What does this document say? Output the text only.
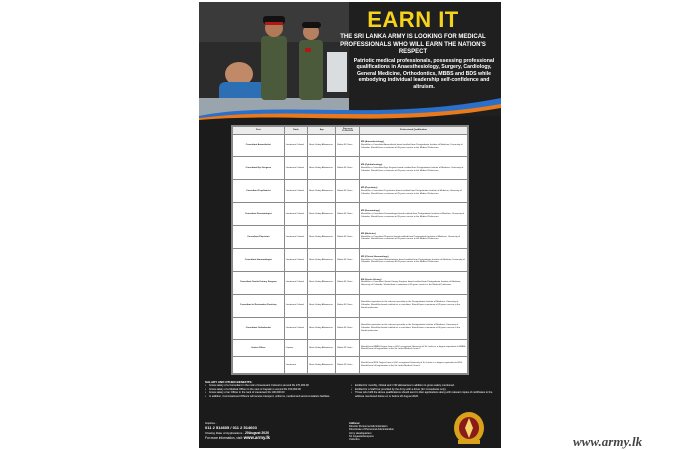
EARN IT
THE SRI LANKA ARMY IS LOOKING FOR MEDICAL PROFESSIONALS WHO WILL EARN THE NATION'S RESPECT
Patriotic medical professionals, possessing professional qualifications in Anaesthesiology, Surgery, Cardiology, General Medicine, Orthodontics, MBBS and BDS while embodying individual leadership self-confidence and altruism.
Post	Rank	Age	Pay as at 01.08.2020	Professional Qualification
Consultant Anaesthetist	Lieutenant Colonel	Basic Salary Allowances	Below 45 Years	MD (Anaesthesiology)
Should be a Consultant Anaesthetist board certified from Postgraduate Institute of Medicine, University of Colombo. Should have a minimum of 05 years service in the Medical Profession.

Consultant Eye Surgeon	Lieutenant Colonel	Basic Salary Allowances	Below 45 Years	MS (Ophthalmology)
Should be a Consultant Eye Surgeon board certified from Postgraduate Institute of Medicine, University of Colombo. Should have a minimum of 05 years service in the Medical Profession.

Consultant Psychiatrist	Lieutenant Colonel	Basic Salary Allowances	Below 45 Years	MD (Psychiatry)
Should be a Consultant Psychiatrist board certified from Postgraduate Institute of Medicine, University of Colombo. Should have a minimum of 05 years service in the Medical Profession.

Consultant Dermatologist	Lieutenant Colonel	Basic Salary Allowances	Below 45 Years	MD (Dermatology)
Should be a Consultant Dermatologist board certified from Postgraduate Institute of Medicine, University of Colombo. Should have a minimum of 05 years service in the Medical Profession.

Consultant Physician	Lieutenant Colonel	Basic Salary Allowances	Below 45 Years	MD (Medicine)
Should be a Consultant Physician board certified from Postgraduate Institute of Medicine, University of Colombo. Should have a minimum of 05 years service in the Medical Profession.

Consultant Haematologist	Lieutenant Colonel	Basic Salary Allowances	Below 45 Years	MD (Clinical Haematology)
Should be a Consultant Haematologist board certified from Postgraduate Institute of Medicine, University of Colombo. Should have a minimum of 05 years service in the Medical Profession.

Consultant Genito Urinary Surgeon	Lieutenant Colonel	Basic Salary Allowances	Below 45 Years	MS (Genito Urinary)
Should be a Consultant Genito Urinary Surgeon board certified from Postgraduate Institute of Medicine, University of Colombo. Should have a minimum of 05 years service in the Medical Profession.

Consultant in Restorative Dentistry	Lieutenant Colonel	Basic Salary Allowances	Below 45 Years	Should be equivalent to the relevant speciality in the Postgraduate Institute of Medicine, University of Colombo. Should be board certified as a consultant. Should have a minimum of 05 years service in the Dental profession.

Consultant Orthodontist	Lieutenant Colonel	Basic Salary Allowances	Below 45 Years	Should be equivalent to the relevant speciality in the Postgraduate Institute of Medicine, University of Colombo. Should be board certified as a consultant. Should have a minimum of 05 years service in the Dental profession.

Junior Officer	Captain	Basic Salary Allowances	Below 35 Years	Should have MBBS Degree from a UGC recognized University of Sri Lanka or a degree equivalent to MBBS. Should have full registration in the Sri Lanka Medical Council.

	Lieutenant	Basic Salary Allowances	Below 35 Years	Should have BDS Degree from a UGC recognized University of Sri Lanka or a degree equivalent to BDS. Should have full registration in the Sri Lanka Medical Council.
SALARY AND OTHER BENEFITS:
•	Gross salary of a Consultant in the rank of Lieutenant Colonel is around Rs 170,000.00
•	Gross salary of a Medical Officer in the rank of Captain is around Rs 150,000.00
•	Gross salary of an Officer in the rank of Lieutenant Rs 100,000.00
•	In addition, Commissioned Officers will receive transport, uniforms, medical and accommodation facilities.
•	Entitled for monthly, clinical and / OR allowances in addition to gross salary mentioned.
•	Entitled for a Staff Car provided by the Army with a driver (for Consultants only).
•	Those who fulfil the above qualifications should send in their applications along with relevant copies of certificates to the address mentioned below on or before 20 August 2020.
Inquiries -
011 2 514605 / 011 2 514603
Closing Date of Applications - 20August 2020
For more information, visit: www.army.lk
Address:
Director Personnel Administration
Directorate of Personnel Administration
Army Headquarters
Sri Jayawardenepura
Colombo.	www.army.lk
